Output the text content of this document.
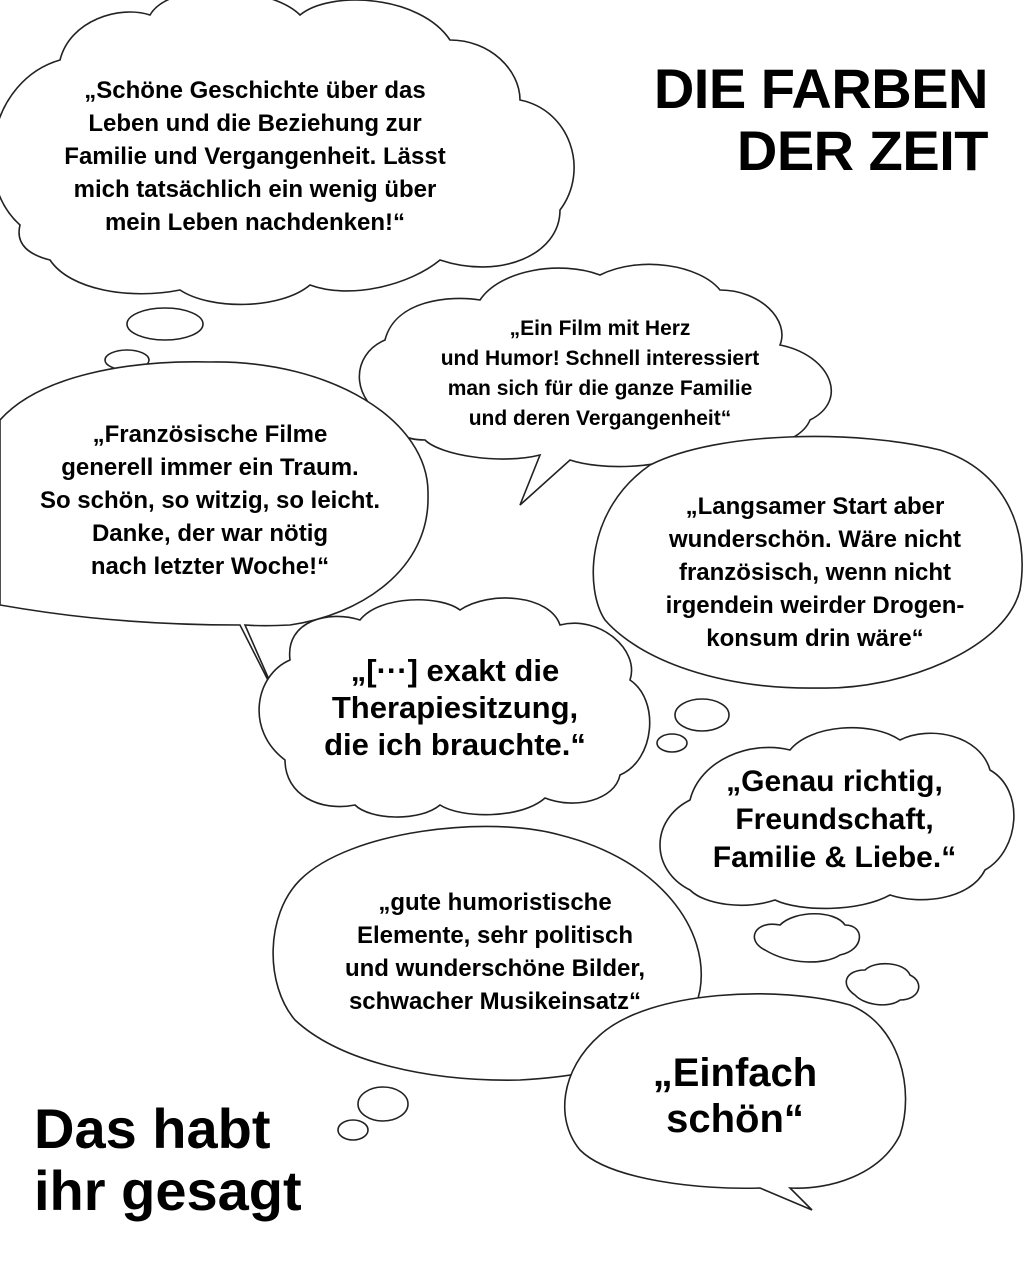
„Schöne Geschichte über das
Leben und die Beziehung zur
Familie und Vergangenheit. Lässt
mich tatsächlich ein wenig über
mein Leben nachdenken!“
„Ein Film mit Herz
und Humor! Schnell interessiert
man sich für die ganze Familie
und deren Vergangenheit“
„Französische Filme
generell immer ein Traum.
So schön, so witzig, so leicht.
Danke, der war nötig
nach letzter Woche!“
„Langsamer Start aber
wunderschön. Wäre nicht
französisch, wenn nicht
irgendein weirder Drogen-
konsum drin wäre“
„[···] exakt die
Therapiesitzung,
die ich brauchte.“
„Genau richtig,
Freundschaft,
Familie & Liebe.“
„gute humoristische
Elemente, sehr politisch
und wunderschöne Bilder,
schwacher Musikeinsatz“
„Einfach
schön“
DIE FARBEN
DER ZEIT
Das habt
ihr gesagt
